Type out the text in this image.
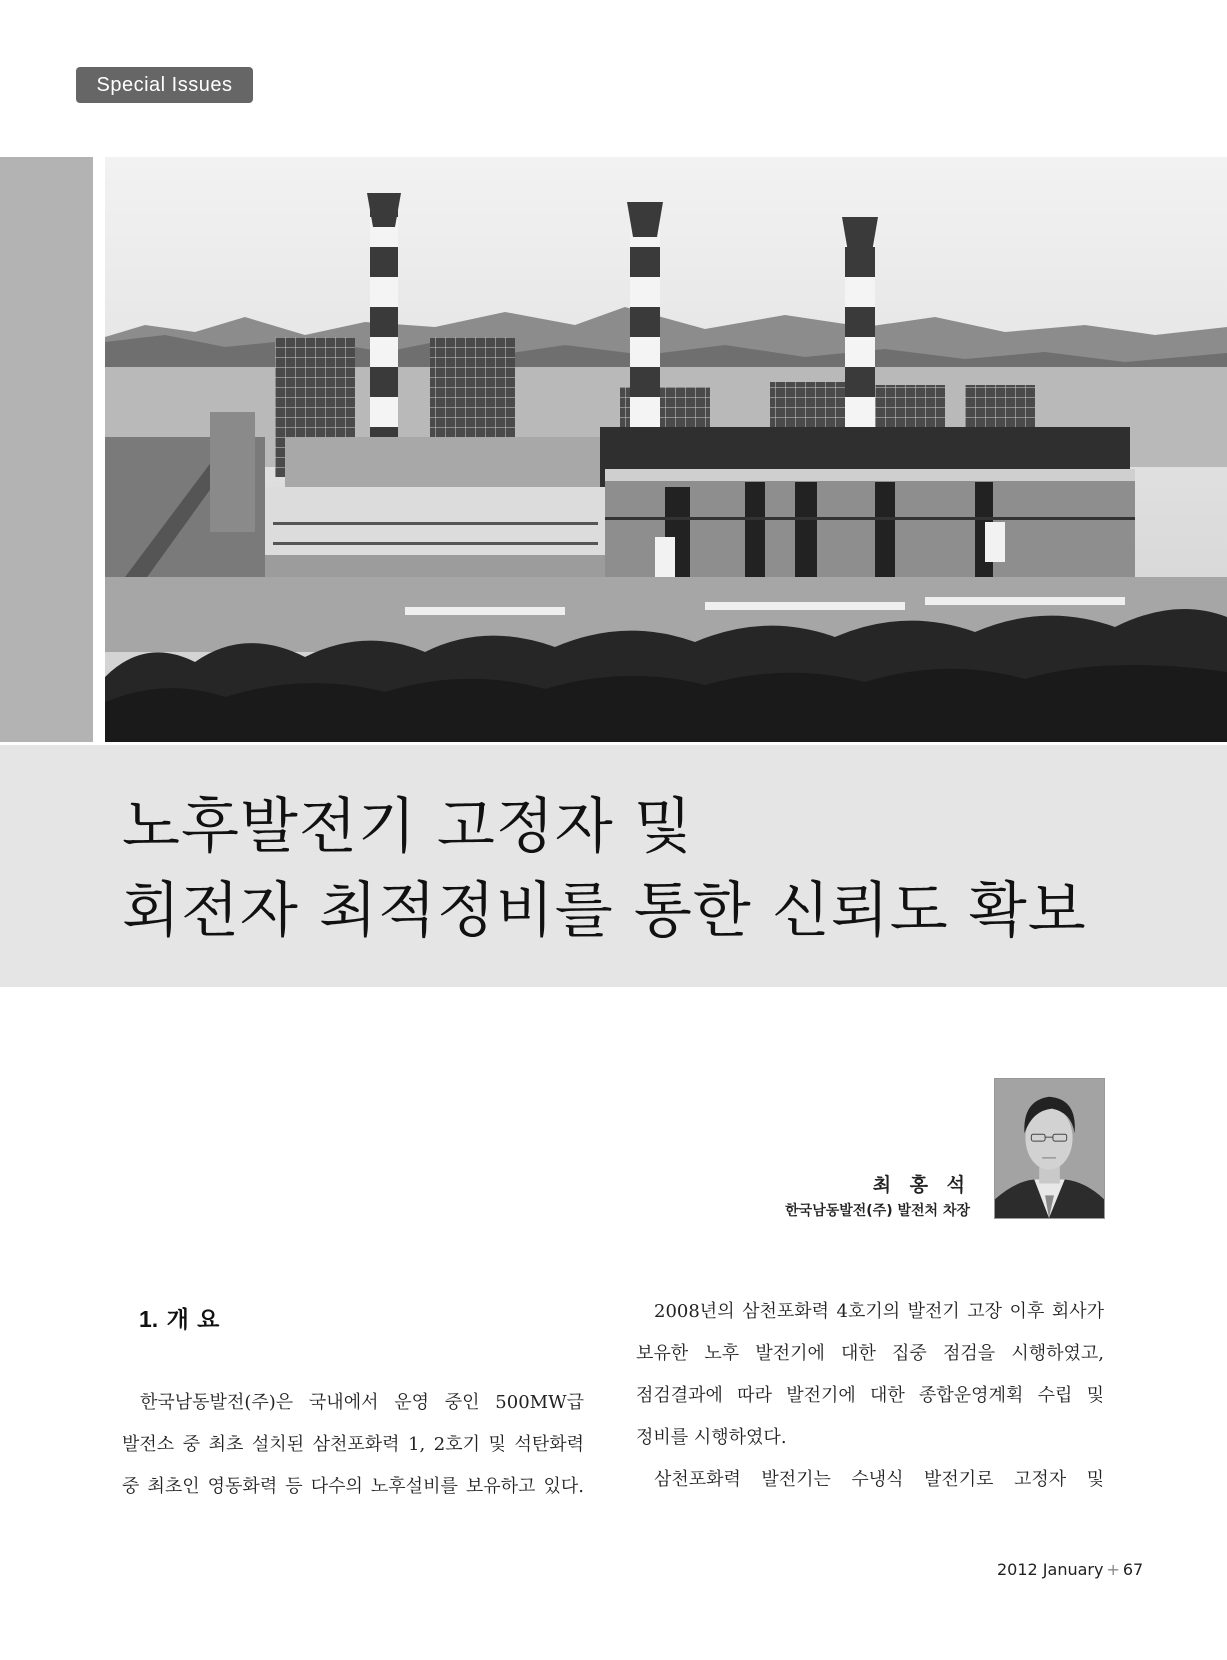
Special Issues
노후발전기 고정자 및
회전자 최적정비를 통한 신뢰도 확보
최 홍 석
한국남동발전(주) 발전처 차장
1. 개 요
한국남동발전(주)은 국내에서 운영 중인 500MW급
발전소 중 최초 설치된 삼천포화력 1, 2호기 및 석탄화력
중 최초인 영동화력 등 다수의 노후설비를 보유하고 있다.
2008년의 삼천포화력 4호기의 발전기 고장 이후 회사가
보유한 노후 발전기에 대한 집중 점검을 시행하였고,
점검결과에 따라 발전기에 대한 종합운영계획 수립 및
정비를 시행하였다.
삼천포화력 발전기는 수냉식 발전기로 고정자 및
2012 January + 67
